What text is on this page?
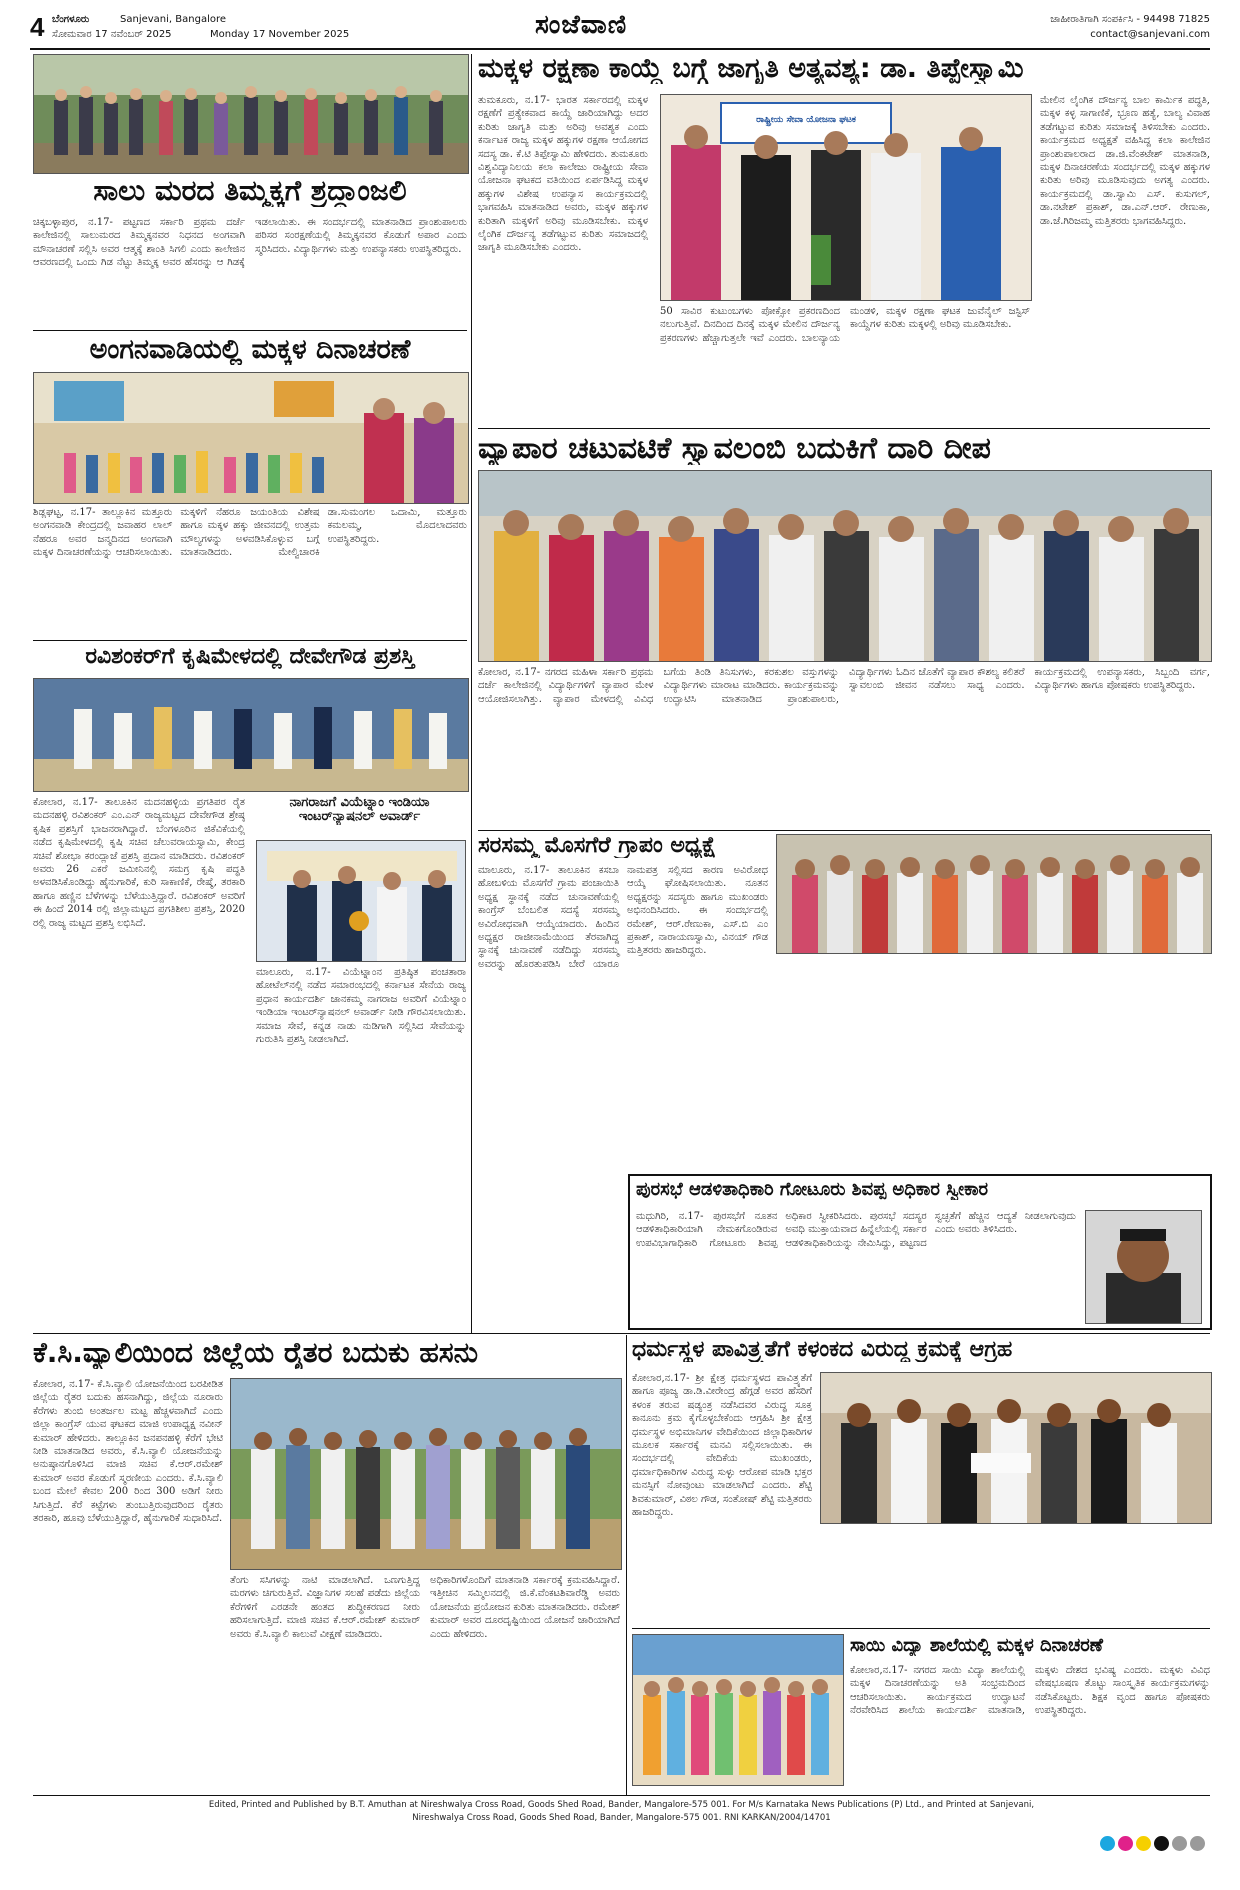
4 ಬೆಂಗಳೂರು	Sanjevani, Bangalore
ಸೋಮವಾರ 17 ನವೆಂಬರ್ 2025	Monday 17 November 2025	ಸಂಜೆವಾಣಿ	ಜಾಹೀರಾತಿಗಾಗಿ ಸಂಪರ್ಕಿಸಿ - 94498 71825
contact@sanjevani.com
ಸಾಲು ಮರದ ತಿಮ್ಮಕ್ಕಗೆ ಶ್ರದ್ಧಾಂಜಲಿ
ಚಿಕ್ಕಬಳ್ಳಾಪುರ, ನ.17- ಪಟ್ಟಣದ ಸರ್ಕಾರಿ ಪ್ರಥಮ ದರ್ಜೆ ಕಾಲೇಜಿನಲ್ಲಿ ಸಾಲುಮರದ ತಿಮ್ಮಕ್ಕನವರ ನಿಧನದ ಅಂಗವಾಗಿ ಮೌನಾಚರಣೆ ಸಲ್ಲಿಸಿ ಅವರ ಆತ್ಮಕ್ಕೆ ಶಾಂತಿ ಸಿಗಲಿ ಎಂದು ಕಾಲೇಜಿನ ಆವರಣದಲ್ಲಿ ಒಂದು ಗಿಡ ನೆಟ್ಟು ತಿಮ್ಮಕ್ಕ ಅವರ ಹೆಸರನ್ನು ಆ ಗಿಡಕ್ಕೆ ಇಡಲಾಯಿತು. ಈ ಸಂದರ್ಭದಲ್ಲಿ ಮಾತನಾಡಿದ ಪ್ರಾಂಶುಪಾಲರು ಪರಿಸರ ಸಂರಕ್ಷಣೆಯಲ್ಲಿ ತಿಮ್ಮಕ್ಕನವರ ಕೊಡುಗೆ ಅಪಾರ ಎಂದು ಸ್ಮರಿಸಿದರು. ವಿದ್ಯಾರ್ಥಿಗಳು ಮತ್ತು ಉಪನ್ಯಾಸಕರು ಉಪಸ್ಥಿತರಿದ್ದರು.
ಅಂಗನವಾಡಿಯಲ್ಲಿ ಮಕ್ಕಳ ದಿನಾಚರಣೆ
ಶಿಡ್ಲಘಟ್ಟ, ನ.17- ತಾಲ್ಲೂಕಿನ ಮತ್ತೂರು ಅಂಗನವಾಡಿ ಕೇಂದ್ರದಲ್ಲಿ ಜವಾಹರ ಲಾಲ್ ನೆಹರೂ ಅವರ ಜನ್ಮದಿನದ ಅಂಗವಾಗಿ ಮಕ್ಕಳ ದಿನಾಚರಣೆಯನ್ನು ಆಚರಿಸಲಾಯಿತು. ಮಕ್ಕಳಿಗೆ ನೆಹರೂ ಜಯಂತಿಯ ವಿಶೇಷ ಹಾಗೂ ಮಕ್ಕಳ ಹಕ್ಕು ಜೀವನದಲ್ಲಿ ಉತ್ತಮ ಮೌಲ್ಯಗಳನ್ನು ಅಳವಡಿಸಿಕೊಳ್ಳುವ ಬಗ್ಗೆ ಮಾತನಾಡಿದರು. ಮೇಲ್ವಿಚಾರಕಿ ಡಾ.ಸುಮಂಗಲ ಒದಾಮಿ, ಮತ್ತೂರು ಕಮಲಮ್ಮ, ಮೊದಲಾದವರು ಉಪಸ್ಥಿತರಿದ್ದರು.
ರವಿಶಂಕರ್‌ಗೆ ಕೃಷಿಮೇಳದಲ್ಲಿ ದೇವೇಗೌಡ ಪ್ರಶಸ್ತಿ
ಕೋಲಾರ, ನ.17- ತಾಲೂಕಿನ ಮದನಹಳ್ಳಿಯ ಪ್ರಗತಿಪರ ರೈತ ಮದನಹಳ್ಳಿ ರವಿಶಂಕರ್ ಎಂ.ಎನ್ ರಾಜ್ಯಮಟ್ಟದ ದೇವೇಗೌಡ ಶ್ರೇಷ್ಠ ಕೃಷಿಕ ಪ್ರಶಸ್ತಿಗೆ ಭಾಜನರಾಗಿದ್ದಾರೆ. ಬೆಂಗಳೂರಿನ ಜಿಕೆವಿಕೆಯಲ್ಲಿ ನಡೆದ ಕೃಷಿಮೇಳದಲ್ಲಿ ಕೃಷಿ ಸಚಿವ ಚೆಲುವರಾಯಸ್ವಾಮಿ, ಕೇಂದ್ರ ಸಚಿವೆ ಶೋಭಾ ಕರಂದ್ಲಾಜೆ ಪ್ರಶಸ್ತಿ ಪ್ರದಾನ ಮಾಡಿದರು. ರವಿಶಂಕರ್ ಅವರು 26 ಎಕರೆ ಜಮೀನಿನಲ್ಲಿ ಸಮಗ್ರ ಕೃಷಿ ಪದ್ಧತಿ ಅಳವಡಿಸಿಕೊಂಡಿದ್ದು ಹೈನುಗಾರಿಕೆ, ಕುರಿ ಸಾಕಾಣಿಕೆ, ರೇಷ್ಮೆ, ತರಕಾರಿ ಹಾಗೂ ಹಣ್ಣಿನ ಬೆಳೆಗಳನ್ನು ಬೆಳೆಯುತ್ತಿದ್ದಾರೆ. ರವಿಶಂಕರ್ ಅವರಿಗೆ ಈ ಹಿಂದೆ 2014 ರಲ್ಲಿ ಜಿಲ್ಲಾಮಟ್ಟದ ಪ್ರಗತಿಶೀಲ ಪ್ರಶಸ್ತಿ, 2020 ರಲ್ಲಿ ರಾಜ್ಯ ಮಟ್ಟದ ಪ್ರಶಸ್ತಿ ಲಭಿಸಿದೆ.
ನಾಗರಾಜಗೆ ವಿಯೆಟ್ನಾಂ ಇಂಡಿಯಾ ಇಂಟರ್‌ನ್ಯಾಷನಲ್ ಅವಾರ್ಡ್
ಮಾಲೂರು, ನ.17- ವಿಯೆಟ್ನಾಂನ ಪ್ರತಿಷ್ಠಿತ ಪಂಚತಾರಾ ಹೋಟೆಲ್‌ನಲ್ಲಿ ನಡೆದ ಸಮಾರಂಭದಲ್ಲಿ ಕರ್ನಾಟಕ ಸೇನೆಯ ರಾಜ್ಯ ಪ್ರಧಾನ ಕಾರ್ಯದರ್ಶಿ ಜಾನಕಮ್ಮ ನಾಗರಾಜ ಅವರಿಗೆ ವಿಯೆಟ್ನಾಂ ಇಂಡಿಯಾ ಇಂಟರ್‌ನ್ಯಾಷನಲ್ ಅವಾರ್ಡ್ ನೀಡಿ ಗೌರವಿಸಲಾಯಿತು. ಸಮಾಜ ಸೇವೆ, ಕನ್ನಡ ನಾಡು ನುಡಿಗಾಗಿ ಸಲ್ಲಿಸಿದ ಸೇವೆಯನ್ನು ಗುರುತಿಸಿ ಪ್ರಶಸ್ತಿ ನೀಡಲಾಗಿದೆ.
ಮಕ್ಕಳ ರಕ್ಷಣಾ ಕಾಯ್ದೆ ಬಗ್ಗೆ ಜಾಗೃತಿ ಅತ್ಯವಶ್ಯ: ಡಾ. ತಿಪ್ಪೇಸ್ವಾಮಿ
ತುಮಕೂರು, ನ.17- ಭಾರತ ಸರ್ಕಾರದಲ್ಲಿ ಮಕ್ಕಳ ರಕ್ಷಣೆಗೆ ಪ್ರತ್ಯೇಕವಾದ ಕಾಯ್ದೆ ಜಾರಿಯಾಗಿದ್ದು ಅದರ ಕುರಿತು ಜಾಗೃತಿ ಮತ್ತು ಅರಿವು ಅವಶ್ಯಕ ಎಂದು ಕರ್ನಾಟಕ ರಾಜ್ಯ ಮಕ್ಕಳ ಹಕ್ಕುಗಳ ರಕ್ಷಣಾ ಆಯೋಗದ ಸದಸ್ಯ ಡಾ. ಕೆ.ಟಿ ತಿಪ್ಪೇಸ್ವಾಮಿ ಹೇಳಿದರು. ತುಮಕೂರು ವಿಶ್ವವಿದ್ಯಾನಿಲಯ ಕಲಾ ಕಾಲೇಜು ರಾಷ್ಟ್ರೀಯ ಸೇವಾ ಯೋಜನಾ ಘಟಕದ ವತಿಯಿಂದ ಏರ್ಪಡಿಸಿದ್ದ ಮಕ್ಕಳ ಹಕ್ಕುಗಳ ವಿಶೇಷ ಉಪನ್ಯಾಸ ಕಾರ್ಯಕ್ರಮದಲ್ಲಿ ಭಾಗವಹಿಸಿ ಮಾತನಾಡಿದ ಅವರು, ಮಕ್ಕಳ ಹಕ್ಕುಗಳ ಕುರಿತಾಗಿ ಮಕ್ಕಳಿಗೆ ಅರಿವು ಮೂಡಿಸಬೇಕು. ಮಕ್ಕಳ ಲೈಂಗಿಕ ದೌರ್ಜನ್ಯ ತಡೆಗಟ್ಟುವ ಕುರಿತು ಸಮಾಜದಲ್ಲಿ ಜಾಗೃತಿ ಮೂಡಿಸಬೇಕು ಎಂದರು.
ರಾಷ್ಟ್ರೀಯ ಸೇವಾ ಯೋಜನಾ ಘಟಕ
50 ಸಾವಿರ ಕುಟುಂಬಗಳು ಪೋಕ್ಸೋ ಪ್ರಕರಣದಿಂದ ನಲುಗುತ್ತಿವೆ. ದಿನದಿಂದ ದಿನಕ್ಕೆ ಮಕ್ಕಳ ಮೇಲಿನ ದೌರ್ಜನ್ಯ ಪ್ರಕರಣಗಳು ಹೆಚ್ಚಾಗುತ್ತಲೇ ಇವೆ ಎಂದರು. ಬಾಲನ್ಯಾಯ ಮಂಡಳಿ, ಮಕ್ಕಳ ರಕ್ಷಣಾ ಘಟಕ ಜುವೆನೈಲ್ ಜಸ್ಟಿಸ್ ಕಾಯ್ದೆಗಳ ಕುರಿತು ಮಕ್ಕಳಲ್ಲಿ ಅರಿವು ಮೂಡಿಸಬೇಕು.
ಮೇಲಿನ ಲೈಂಗಿಕ ದೌರ್ಜನ್ಯ ಬಾಲ ಕಾರ್ಮಿಕ ಪದ್ಧತಿ, ಮಕ್ಕಳ ಕಳ್ಳ ಸಾಗಾಣಿಕೆ, ಭ್ರೂಣ ಹತ್ಯೆ, ಬಾಲ್ಯ ವಿವಾಹ ತಡೆಗಟ್ಟುವ ಕುರಿತು ಸಮಾಜಕ್ಕೆ ತಿಳಿಸಬೇಕು ಎಂದರು. ಕಾರ್ಯಕ್ರಮದ ಅಧ್ಯಕ್ಷತೆ ವಹಿಸಿದ್ದ ಕಲಾ ಕಾಲೇಜಿನ ಪ್ರಾಂಶುಪಾಲರಾದ ಡಾ.ಜಿ.ವೆಂಕಟೇಶ್ ಮಾತನಾಡಿ, ಮಕ್ಕಳ ದಿನಾಚರಣೆಯ ಸಂದರ್ಭದಲ್ಲಿ ಮಕ್ಕಳ ಹಕ್ಕುಗಳ ಕುರಿತು ಅರಿವು ಮೂಡಿಸುವುದು ಅಗತ್ಯ ಎಂದರು. ಕಾರ್ಯಕ್ರಮದಲ್ಲಿ ಡಾ.ಸ್ವಾಮಿ ಎಸ್. ಕುಸುಗಲ್, ಡಾ.ನಟೇಶ್ ಪ್ರಕಾಶ್, ಡಾ.ಎನ್.ಆರ್. ರೇಣುಕಾ, ಡಾ.ಜೆ.ಗಿರಿಜಮ್ಮ ಮತ್ತಿತರರು ಭಾಗವಹಿಸಿದ್ದರು.
ವ್ಯಾಪಾರ ಚಟುವಟಿಕೆ ಸ್ವಾವಲಂಬಿ ಬದುಕಿಗೆ ದಾರಿ ದೀಪ
ಕೋಲಾರ, ನ.17- ನಗರದ ಮಹಿಳಾ ಸರ್ಕಾರಿ ಪ್ರಥಮ ದರ್ಜೆ ಕಾಲೇಜಿನಲ್ಲಿ ವಿದ್ಯಾರ್ಥಿಗಳಿಗೆ ವ್ಯಾಪಾರ ಮೇಳ ಆಯೋಜಿಸಲಾಗಿತ್ತು. ವ್ಯಾಪಾರ ಮೇಳದಲ್ಲಿ ವಿವಿಧ ಬಗೆಯ ತಿಂಡಿ ತಿನಿಸುಗಳು, ಕರಕುಶಲ ವಸ್ತುಗಳನ್ನು ವಿದ್ಯಾರ್ಥಿಗಳು ಮಾರಾಟ ಮಾಡಿದರು. ಕಾರ್ಯಕ್ರಮವನ್ನು ಉದ್ಘಾಟಿಸಿ ಮಾತನಾಡಿದ ಪ್ರಾಂಶುಪಾಲರು, ವಿದ್ಯಾರ್ಥಿಗಳು ಓದಿನ ಜೊತೆಗೆ ವ್ಯಾಪಾರ ಕೌಶಲ್ಯ ಕಲಿತರೆ ಸ್ವಾವಲಂಬಿ ಜೀವನ ನಡೆಸಲು ಸಾಧ್ಯ ಎಂದರು. ಕಾರ್ಯಕ್ರಮದಲ್ಲಿ ಉಪನ್ಯಾಸಕರು, ಸಿಬ್ಬಂದಿ ವರ್ಗ, ವಿದ್ಯಾರ್ಥಿಗಳು ಹಾಗೂ ಪೋಷಕರು ಉಪಸ್ಥಿತರಿದ್ದರು.
ಸರಸಮ್ಮ ಮೊಸಗೆರೆ ಗ್ರಾಪಂ ಅಧ್ಯಕ್ಷೆ
ಮಾಲೂರು, ನ.17- ತಾಲೂಕಿನ ಕಸಬಾ ಹೋಬಳಿಯ ಮೊಸಗೆರೆ ಗ್ರಾಮ ಪಂಚಾಯಿತಿ ಅಧ್ಯಕ್ಷ ಸ್ಥಾನಕ್ಕೆ ನಡೆದ ಚುನಾವಣೆಯಲ್ಲಿ ಕಾಂಗ್ರೆಸ್ ಬೆಂಬಲಿತ ಸದಸ್ಯೆ ಸರಸಮ್ಮ ಅವಿರೋಧವಾಗಿ ಆಯ್ಕೆಯಾದರು. ಹಿಂದಿನ ಅಧ್ಯಕ್ಷರ ರಾಜೀನಾಮೆಯಿಂದ ತೆರವಾಗಿದ್ದ ಸ್ಥಾನಕ್ಕೆ ಚುನಾವಣೆ ನಡೆದಿದ್ದು ಸರಸಮ್ಮ ಅವರನ್ನು ಹೊರತುಪಡಿಸಿ ಬೇರೆ ಯಾರೂ ನಾಮಪತ್ರ ಸಲ್ಲಿಸದ ಕಾರಣ ಅವಿರೋಧ ಆಯ್ಕೆ ಘೋಷಿಸಲಾಯಿತು. ನೂತನ ಅಧ್ಯಕ್ಷರನ್ನು ಸದಸ್ಯರು ಹಾಗೂ ಮುಖಂಡರು ಅಭಿನಂದಿಸಿದರು. ಈ ಸಂದರ್ಭದಲ್ಲಿ ರಮೇಶ್, ಆರ್.ರೇಣುಕಾ, ಎಸ್.ಬಿ ಎಂ ಪ್ರಕಾಶ್, ನಾರಾಯಣಸ್ವಾಮಿ, ವಿನಯ್ ಗೌಡ ಮತ್ತಿತರರು ಹಾಜರಿದ್ದರು.
ಪುರಸಭೆ ಆಡಳಿತಾಧಿಕಾರಿ ಗೋಟೂರು ಶಿವಪ್ಪ ಅಧಿಕಾರ ಸ್ವೀಕಾರ
ಮಧುಗಿರಿ, ನ.17- ಪುರಸಭೆಗೆ ನೂತನ ಆಡಳಿತಾಧಿಕಾರಿಯಾಗಿ ನೇಮಕಗೊಂಡಿರುವ ಉಪವಿಭಾಗಾಧಿಕಾರಿ ಗೋಟೂರು ಶಿವಪ್ಪ ಅಧಿಕಾರ ಸ್ವೀಕರಿಸಿದರು. ಪುರಸಭೆ ಸದಸ್ಯರ ಅವಧಿ ಮುಕ್ತಾಯವಾದ ಹಿನ್ನೆಲೆಯಲ್ಲಿ ಸರ್ಕಾರ ಆಡಳಿತಾಧಿಕಾರಿಯನ್ನು ನೇಮಿಸಿದ್ದು, ಪಟ್ಟಣದ ಸ್ವಚ್ಛತೆಗೆ ಹೆಚ್ಚಿನ ಆದ್ಯತೆ ನೀಡಲಾಗುವುದು ಎಂದು ಅವರು ತಿಳಿಸಿದರು.
ಕೆ.ಸಿ.ವ್ಯಾಲಿಯಿಂದ ಜಿಲ್ಲೆಯ ರೈತರ ಬದುಕು ಹಸನು
ಕೋಲಾರ, ನ.17- ಕೆ.ಸಿ.ವ್ಯಾಲಿ ಯೋಜನೆಯಿಂದ ಬರಪೀಡಿತ ಜಿಲ್ಲೆಯ ರೈತರ ಬದುಕು ಹಸನಾಗಿದ್ದು, ಜಿಲ್ಲೆಯ ನೂರಾರು ಕೆರೆಗಳು ತುಂಬಿ ಅಂತರ್ಜಲ ಮಟ್ಟ ಹೆಚ್ಚಳವಾಗಿದೆ ಎಂದು ಜಿಲ್ಲಾ ಕಾಂಗ್ರೆಸ್ ಯುವ ಘಟಕದ ಮಾಜಿ ಉಪಾಧ್ಯಕ್ಷ ನವೀನ್ ಕುಮಾರ್ ಹೇಳಿದರು. ತಾಲ್ಲೂಕಿನ ಜನಪನಹಳ್ಳಿ ಕೆರೆಗೆ ಭೇಟಿ ನೀಡಿ ಮಾತನಾಡಿದ ಅವರು, ಕೆ.ಸಿ.ವ್ಯಾಲಿ ಯೋಜನೆಯನ್ನು ಅನುಷ್ಠಾನಗೊಳಿಸಿದ ಮಾಜಿ ಸಚಿವ ಕೆ.ಆರ್.ರಮೇಶ್ ಕುಮಾರ್ ಅವರ ಕೊಡುಗೆ ಸ್ಮರಣೀಯ ಎಂದರು. ಕೆ.ಸಿ.ವ್ಯಾಲಿ ಬಂದ ಮೇಲೆ ಕೇವಲ 200 ರಿಂದ 300 ಅಡಿಗೆ ನೀರು ಸಿಗುತ್ತಿದೆ. ಕೆರೆ ಕಟ್ಟೆಗಳು ತುಂಬುತ್ತಿರುವುದರಿಂದ ರೈತರು ತರಕಾರಿ, ಹೂವು ಬೆಳೆಯುತ್ತಿದ್ದಾರೆ, ಹೈನುಗಾರಿಕೆ ಸುಧಾರಿಸಿದೆ.
ತೆಂಗು ಸಸಿಗಳನ್ನು ನಾಟಿ ಮಾಡಲಾಗಿದೆ. ಒಣಗುತ್ತಿದ್ದ ಮರಗಳು ಚಿಗುರುತ್ತಿವೆ. ವಿಜ್ಞಾನಿಗಳ ಸಲಹೆ ಪಡೆದು ಜಿಲ್ಲೆಯ ಕೆರೆಗಳಿಗೆ ಎರಡನೇ ಹಂತದ ಶುದ್ಧೀಕರಣದ ನೀರು ಹರಿಸಲಾಗುತ್ತಿದೆ. ಮಾಜಿ ಸಚಿವ ಕೆ.ಆರ್.ರಮೇಶ್ ಕುಮಾರ್ ಅವರು ಕೆ.ಸಿ.ವ್ಯಾಲಿ ಕಾಲುವೆ ವೀಕ್ಷಣೆ ಮಾಡಿದರು.
ಅಧಿಕಾರಿಗಳೊಂದಿಗೆ ಮಾತನಾಡಿ ಸರ್ಕಾರಕ್ಕೆ ಕ್ರಮವಹಿಸಿದ್ದಾರೆ. ಇತ್ತೀಚಿನ ಸಮ್ಮಿಲನದಲ್ಲಿ ಜಿ.ಕೆ.ವೆಂಕಟಶಿವಾರೆಡ್ಡಿ ಅವರು ಯೋಜನೆಯ ಪ್ರಯೋಜನ ಕುರಿತು ಮಾತನಾಡಿದರು. ರಮೇಶ್ ಕುಮಾರ್ ಅವರ ದೂರದೃಷ್ಟಿಯಿಂದ ಯೋಜನೆ ಜಾರಿಯಾಗಿದೆ ಎಂದು ಹೇಳಿದರು.
ಧರ್ಮಸ್ಥಳ ಪಾವಿತ್ರ್ಯತೆಗೆ ಕಳಂಕದ ವಿರುದ್ಧ ಕ್ರಮಕ್ಕೆ ಆಗ್ರಹ
ಕೋಲಾರ,ನ.17- ಶ್ರೀ ಕ್ಷೇತ್ರ ಧರ್ಮಸ್ಥಳದ ಪಾವಿತ್ರ್ಯತೆಗೆ ಹಾಗೂ ಪೂಜ್ಯ ಡಾ.ಡಿ.ವೀರೇಂದ್ರ ಹೆಗ್ಗಡೆ ಅವರ ಹೆಸರಿಗೆ ಕಳಂಕ ತರುವ ಷಡ್ಯಂತ್ರ ನಡೆಸಿದವರ ವಿರುದ್ಧ ಸೂಕ್ತ ಕಾನೂನು ಕ್ರಮ ಕೈಗೊಳ್ಳಬೇಕೆಂದು ಆಗ್ರಹಿಸಿ ಶ್ರೀ ಕ್ಷೇತ್ರ ಧರ್ಮಸ್ಥಳ ಅಭಿಮಾನಿಗಳ ವೇದಿಕೆಯಿಂದ ಜಿಲ್ಲಾಧಿಕಾರಿಗಳ ಮೂಲಕ ಸರ್ಕಾರಕ್ಕೆ ಮನವಿ ಸಲ್ಲಿಸಲಾಯಿತು. ಈ ಸಂದರ್ಭದಲ್ಲಿ ವೇದಿಕೆಯ ಮುಖಂಡರು, ಧರ್ಮಾಧಿಕಾರಿಗಳ ವಿರುದ್ಧ ಸುಳ್ಳು ಆರೋಪ ಮಾಡಿ ಭಕ್ತರ ಮನಸ್ಸಿಗೆ ನೋವುಂಟು ಮಾಡಲಾಗಿದೆ ಎಂದರು. ಶೆಟ್ಟಿ ಶಿವಕುಮಾರ್, ವಿಠಲ ಗೌಡ, ಸಂತೋಷ್ ಶೆಟ್ಟಿ ಮತ್ತಿತರರು ಹಾಜರಿದ್ದರು.
ಸಾಯಿ ವಿದ್ಯಾ ಶಾಲೆಯಲ್ಲಿ ಮಕ್ಕಳ ದಿನಾಚರಣೆ
ಕೋಲಾರ,ನ.17- ನಗರದ ಸಾಯಿ ವಿದ್ಯಾ ಶಾಲೆಯಲ್ಲಿ ಮಕ್ಕಳ ದಿನಾಚರಣೆಯನ್ನು ಅತಿ ಸಂಭ್ರಮದಿಂದ ಆಚರಿಸಲಾಯಿತು. ಕಾರ್ಯಕ್ರಮದ ಉದ್ಘಾಟನೆ ನೆರವೇರಿಸಿದ ಶಾಲೆಯ ಕಾರ್ಯದರ್ಶಿ ಮಾತನಾಡಿ, ಮಕ್ಕಳು ದೇಶದ ಭವಿಷ್ಯ ಎಂದರು. ಮಕ್ಕಳು ವಿವಿಧ ವೇಷಭೂಷಣ ತೊಟ್ಟು ಸಾಂಸ್ಕೃತಿಕ ಕಾರ್ಯಕ್ರಮಗಳನ್ನು ನಡೆಸಿಕೊಟ್ಟರು. ಶಿಕ್ಷಕ ವೃಂದ ಹಾಗೂ ಪೋಷಕರು ಉಪಸ್ಥಿತರಿದ್ದರು.
Edited, Printed and Published by B.T. Amuthan at Nireshwalya Cross Road, Goods Shed Road, Bander, Mangalore-575 001. For M/s Karnataka News Publications (P) Ltd., and Printed at Sanjevani,
Nireshwalya Cross Road, Goods Shed Road, Bander, Mangalore-575 001. RNI KARKAN/2004/14701
